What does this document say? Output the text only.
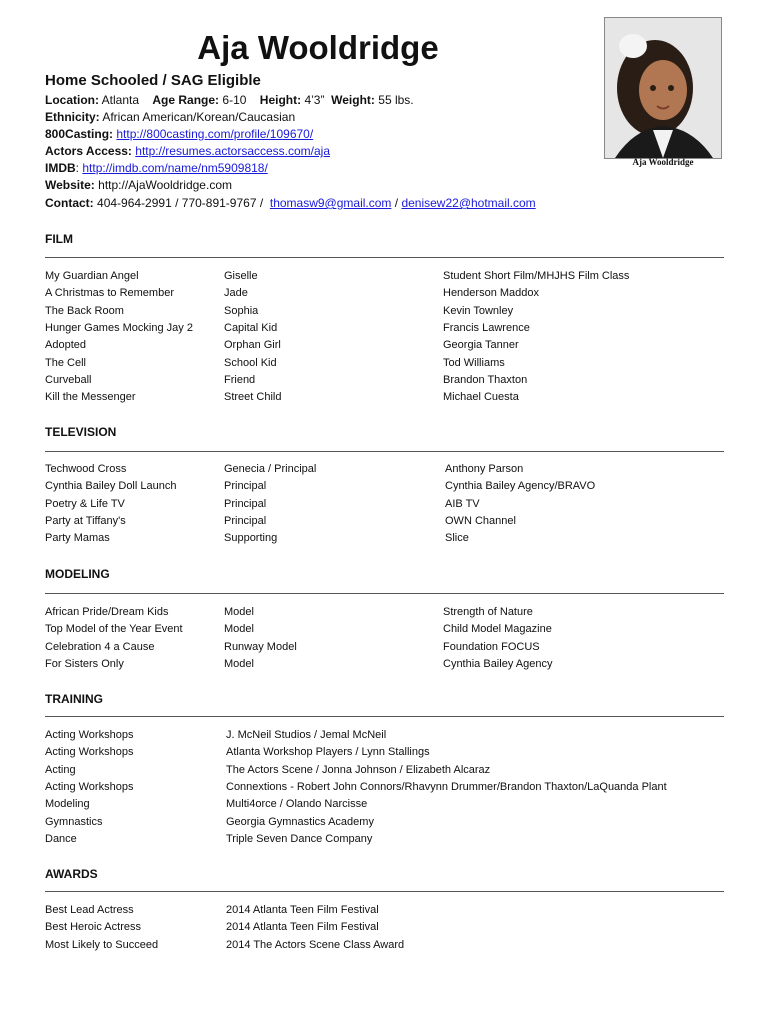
Aja Wooldridge
Home Schooled / SAG Eligible
Aja Wooldridge
Location: Atlanta Age Range: 6-10 Height: 4’3” Weight: 55 lbs.
Ethnicity: African American/Korean/Caucasian
800Casting: http://800casting.com/profile/109670/
Actors Access: http://resumes.actorsaccess.com/aja
IMDB: http://imdb.com/name/nm5909818/
Website: http://AjaWooldridge.com
Contact: 404-964-2991 / 770-891-9767 /  thomasw9@gmail.com / denisew22@hotmail.com
FILM
My Guardian Angel	Giselle	Student Short Film/MHJHS Film Class
A Christmas to Remember	Jade	Henderson Maddox
The Back Room	Sophia	Kevin Townley
Hunger Games Mocking Jay 2	Capital Kid	Francis Lawrence
Adopted	Orphan Girl	Georgia Tanner
The Cell	School Kid	Tod Williams
Curveball	Friend	Brandon Thaxton
Kill the Messenger	Street Child	Michael Cuesta
TELEVISION
Techwood Cross	Genecia / Principal	Anthony Parson
Cynthia Bailey Doll Launch	Principal	Cynthia Bailey Agency/BRAVO
Poetry & Life TV	Principal	AIB TV
Party at Tiffany's	Principal	OWN Channel
Party Mamas	Supporting	Slice
MODELING
African Pride/Dream Kids	Model	Strength of Nature
Top Model of the Year Event	Model	Child Model Magazine
Celebration 4 a Cause	Runway Model	Foundation FOCUS
For Sisters Only	Model	Cynthia Bailey Agency
TRAINING
Acting Workshops	J. McNeil Studios / Jemal McNeil
Acting Workshops	Atlanta Workshop Players / Lynn Stallings
Acting	The Actors Scene / Jonna Johnson / Elizabeth Alcaraz
Acting Workshops	Connextions - Robert John Connors/Rhavynn Drummer/Brandon Thaxton/LaQuanda Plant
Modeling	Multi4orce / Olando Narcisse
Gymnastics	Georgia Gymnastics Academy
Dance	Triple Seven Dance Company
AWARDS
Best Lead Actress	2014 Atlanta Teen Film Festival
Best Heroic Actress	2014 Atlanta Teen Film Festival
Most Likely to Succeed	2014 The Actors Scene Class Award
